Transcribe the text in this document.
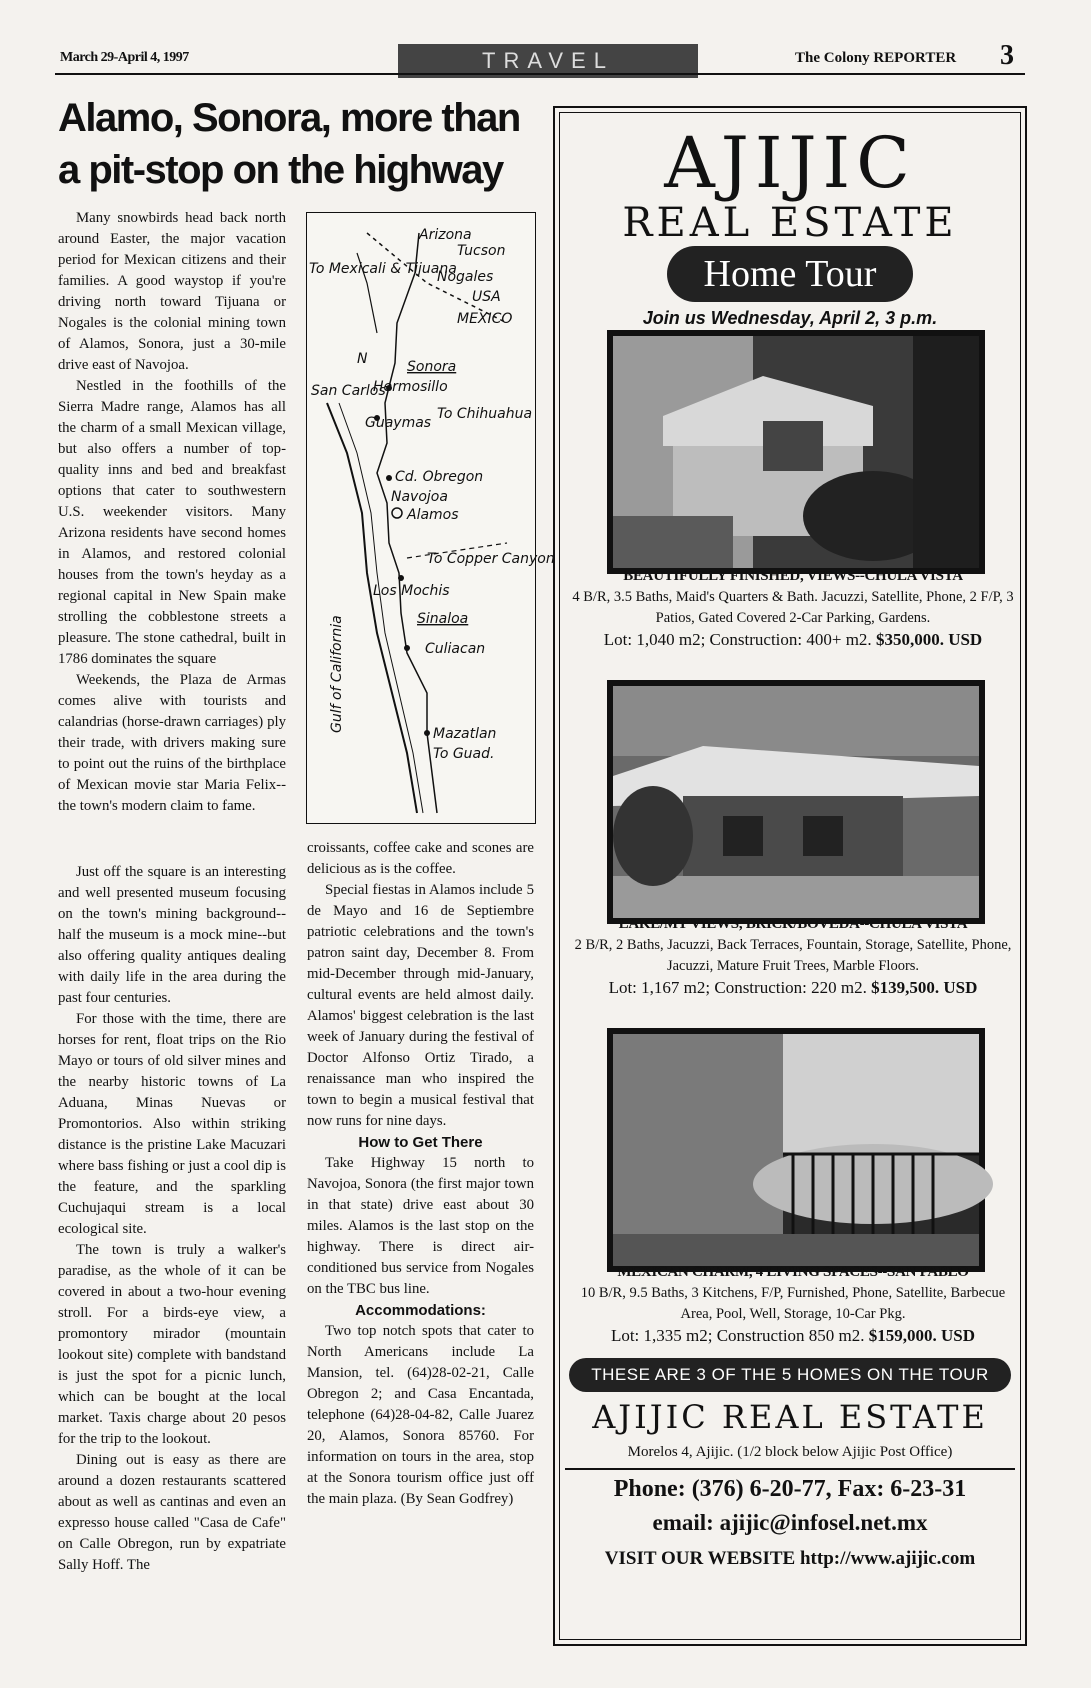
March 29-April 4, 1997	TRAVEL	The Colony REPORTER 3
Alamo, Sonora, more than
a pit-stop on the highway

Many snowbirds head back north around Easter, the major vacation period for Mexican citizens and their families. A good waystop if you're driving north toward Tijuana or Nogales is the colonial mining town of Alamos, Sonora, just a 30-mile drive east of Navojoa.

Nestled in the foothills of the Sierra Madre range, Alamos has all the charm of a small Mexican village, but also offers a number of top-quality inns and bed and breakfast options that cater to southwestern U.S. weekender visitors. Many Arizona residents have second homes in Alamos, and restored colonial houses from the town's heyday as a regional capital in New Spain make strolling the cobblestone streets a pleasure. The stone cathedral, built in 1786 dominates the square

Weekends, the Plaza de Armas comes alive with tourists and calandrias (horse-drawn carriages) ply their trade, with drivers making sure to point out the ruins of the birthplace of Mexican movie star Maria Felix--the town's modern claim to fame.

Just off the square is an interesting and well presented museum focusing on the town's mining background--half the museum is a mock mine--but also offering quality antiques dealing with daily life in the area during the past four centuries.

For those with the time, there are horses for rent, float trips on the Rio Mayo or tours of old silver mines and the nearby historic towns of La Aduana, Minas Nuevas or Promontorios. Also within striking distance is the pristine Lake Macuzari where bass fishing or just a cool dip is the feature, and the sparkling Cuchujaqui stream is a local ecological site.

The town is truly a walker's paradise, as the whole of it can be covered in about a two-hour evening stroll. For a birds-eye view, a promontory mirador (mountain lookout site) complete with bandstand is just the spot for a picnic lunch, which can be bought at the local market. Taxis charge about 20 pesos for the trip to the lookout.

Dining out is easy as there are around a dozen restaurants scattered about as well as cantinas and even an expresso house called "Casa de Cafe" on Calle Obregon, run by expatriate Sally Hoff. The

Arizona
Tucson
Nogales
USA
MEXICO
To Mexicali & Tijuana
N	Sonora
Hermosillo
San Carlos
Guaymas
To Chihuahua
Cd. Obregon
Navojoa
Alamos
To Copper Canyon
Los Mochis
Sinaloa
Culiacan
Gulf of California
Mazatlan
To Guad.

croissants, coffee cake and scones are delicious as is the coffee.

Special fiestas in Alamos include 5 de Mayo and 16 de Septiembre patriotic celebrations and the town's patron saint day, December 8. From mid-December through mid-January, cultural events are held almost daily. Alamos' biggest celebration is the last week of January during the festival of Doctor Alfonso Ortiz Tirado, a renaissance man who inspired the town to begin a musical festival that now runs for nine days.

How to Get There

Take Highway 15 north to Navojoa, Sonora (the first major town in that state) drive east about 30 miles. Alamos is the last stop on the highway. There is direct air-conditioned bus service from Nogales on the TBC bus line.

Accommodations:

Two top notch spots that cater to North Americans include La Mansion, tel. (64)28-02-21, Calle Obregon 2; and Casa Encantada, telephone (64)28-04-82, Calle Juarez 20, Alamos, Sonora 85760. For information on tours in the area, stop at the Sonora tourism office just off the main plaza. (By Sean Godfrey)

AJIJIC
REAL ESTATE
Home Tour
Join us Wednesday, April 2, 3 p.m.
BEAUTIFULLY FINISHED, VIEWS--CHULA VISTA
4 B/R, 3.5 Baths, Maid's Quarters & Bath. Jacuzzi, Satellite, Phone, 2 F/P, 3 Patios, Gated Covered 2-Car Parking, Gardens.
Lot: 1,040 m2; Construction: 400+ m2. $350,000. USD
LAKE/MT VIEWS, BRICK/BOVEDA--CHULA VISTA
2 B/R, 2 Baths, Jacuzzi, Back Terraces, Fountain, Storage, Satellite, Phone, Jacuzzi, Mature Fruit Trees, Marble Floors.
Lot: 1,167 m2; Construction: 220 m2. $139,500. USD
MEXICAN CHARM, 4 LIVING SPACES--SAN PABLO
10 B/R, 9.5 Baths, 3 Kitchens, F/P, Furnished, Phone, Satellite, Barbecue Area, Pool, Well, Storage, 10-Car Pkg.
Lot: 1,335 m2; Construction 850 m2. $159,000. USD
THESE ARE 3 OF THE 5 HOMES ON THE TOUR
AJIJIC REAL ESTATE
Morelos 4, Ajijic. (1/2 block below Ajijic Post Office)
Phone: (376) 6-20-77, Fax: 6-23-31
email: ajijic@infosel.net.mx
VISIT OUR WEBSITE http://www.ajijic.com
